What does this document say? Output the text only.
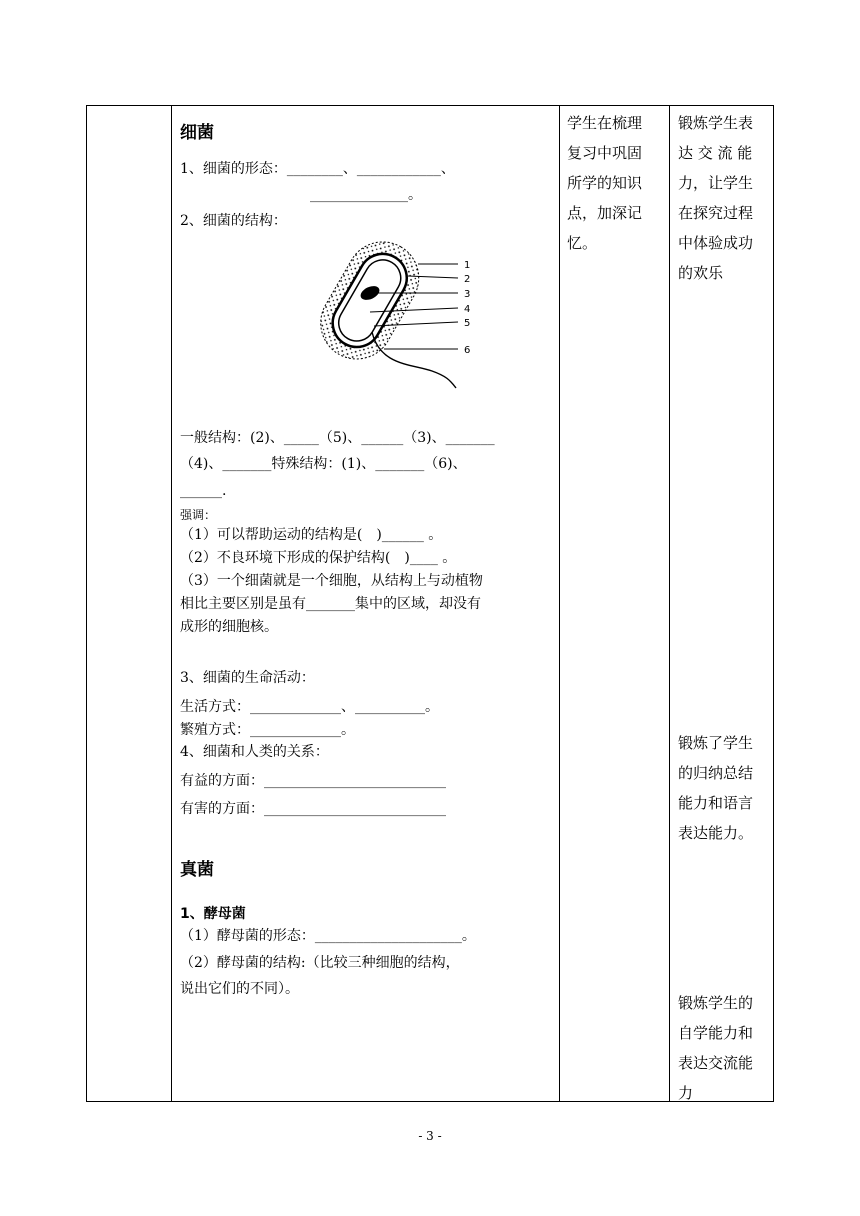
细菌
1、细菌的形态：________、____________、
______________。
2、细菌的结构：
1
2
3
4
5
6
一般结构：(2)、_____（5)、______（3)、_______
（4)、_______特殊结构：(1)、_______（6)、
______.
强调：
（1）可以帮助运动的结构是(　)______ 。
（2）不良环境下形成的保护结构(　)____ 。
（3）一个细菌就是一个细胞，从结构上与动植物
相比主要区别是虽有_______集中的区域，却没有
成形的细胞核。
3、细菌的生命活动：
生活方式：_____________、__________。
繁殖方式：_____________。
4、细菌和人类的关系：
有益的方面：__________________________
有害的方面：__________________________
真菌
1、酵母菌
（1）酵母菌的形态：_____________________。
（2）酵母菌的结构:（比较三种细胞的结构，
说出它们的不同）。
学生在梳理
复习中巩固
所学的知识
点，加深记
忆。
锻炼学生表
达 交 流 能
力，让学生
在探究过程
中体验成功
的欢乐
锻炼了学生
的归纳总结
能力和语言
表达能力。
锻炼学生的
自学能力和
表达交流能
力
- 3 -
